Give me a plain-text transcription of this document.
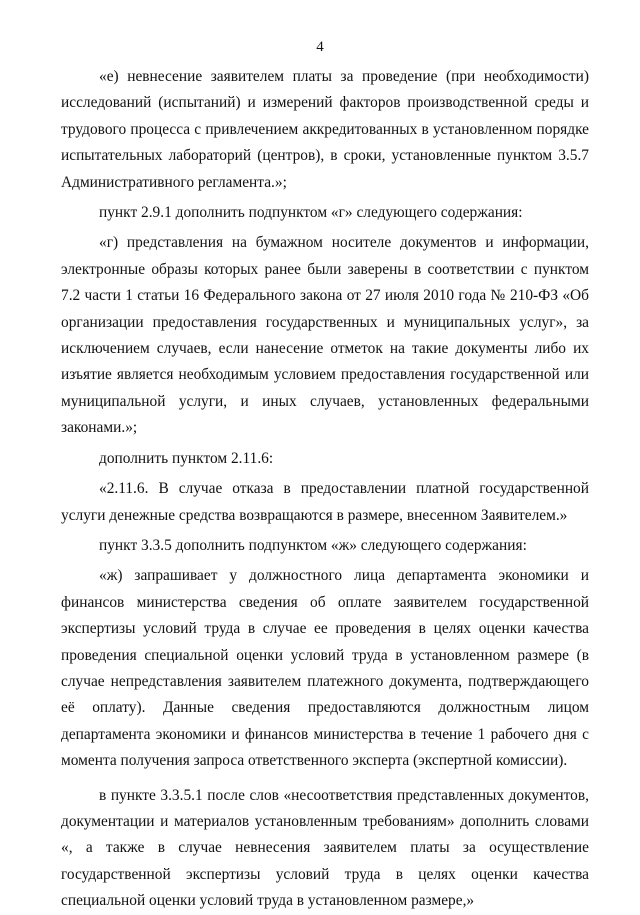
4

«е) невнесение заявителем платы за проведение (при необходимости) исследований (испытаний) и измерений факторов производственной среды и трудового процесса с привлечением аккредитованных в установленном порядке испытательных лабораторий (центров), в сроки, установленные пунктом 3.5.7 Административного регламента.»;

пункт 2.9.1 дополнить подпунктом «г» следующего содержания:

«г) представления на бумажном носителе документов и информации, электронные образы которых ранее были заверены в соответствии с пунктом 7.2 части 1 статьи 16 Федерального закона от 27 июля 2010 года № 210-ФЗ «Об организации предоставления государственных и муниципальных услуг», за исключением случаев, если нанесение отметок на такие документы либо их изъятие является необходимым условием предоставления государственной или муниципальной услуги, и иных случаев, установленных федеральными законами.»;

дополнить пунктом 2.11.6:

«2.11.6. В случае отказа в предоставлении платной государственной услуги денежные средства возвращаются в размере, внесенном Заявителем.»

пункт 3.3.5 дополнить подпунктом «ж» следующего содержания:

«ж) запрашивает у должностного лица департамента экономики и финансов министерства сведения об оплате заявителем государственной экспертизы условий труда в случае ее проведения в целях оценки качества проведения специальной оценки условий труда в установленном размере (в случае непредставления заявителем платежного документа, подтверждающего её оплату). Данные сведения предоставляются должностным лицом департамента экономики и финансов министерства в течение 1 рабочего дня с момента получения запроса ответственного эксперта (экспертной комиссии).

в пункте 3.3.5.1 после слов «несоответствия представленных документов, документации и материалов установленным требованиям» дополнить словами «, а также в случае невнесения заявителем платы за осуществление государственной экспертизы условий труда в целях оценки качества специальной оценки условий труда в установленном размере,»
